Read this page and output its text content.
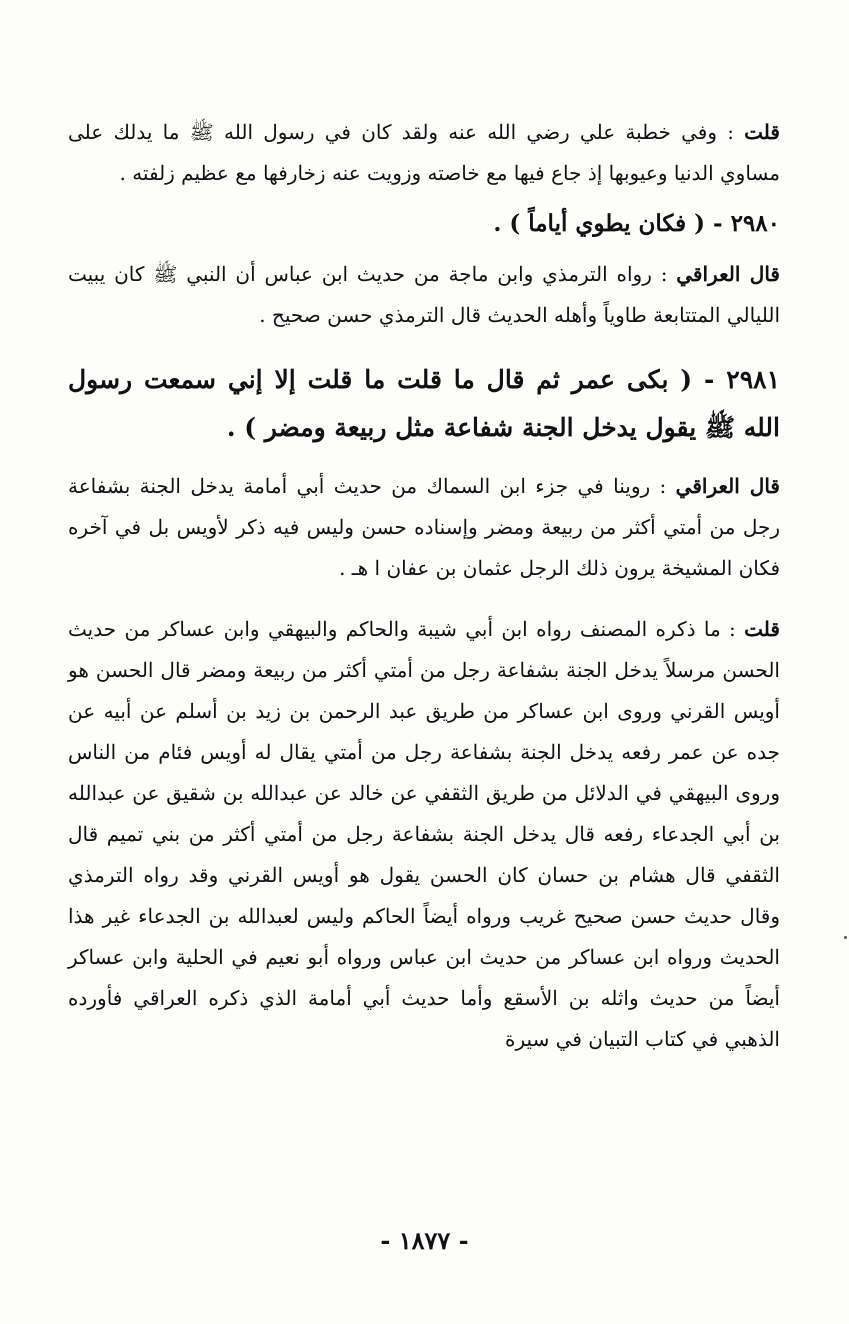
قلت : وفي خطبة علي رضي الله عنه ولقد كان في رسول الله ﷺ ما يدلك على مساوي الدنيا وعيوبها إذ جاع فيها مع خاصته وزويت عنه زخارفها مع عظيم زلفته .

٢٩٨٠ - ( فكان يطوي أياماً ) .

قال العراقي : رواه الترمذي وابن ماجة من حديث ابن عباس أن النبي ﷺ كان يبيت الليالي المتتابعة طاوياً وأهله الحديث قال الترمذي حسن صحيح .

٢٩٨١ - ( بكى عمر ثم قال ما قلت ما قلت إلا إني سمعت رسول الله ﷺ يقول يدخل الجنة شفاعة مثل ربيعة ومضر ) .

قال العراقي : روينا في جزء ابن السماك من حديث أبي أمامة يدخل الجنة بشفاعة رجل من أمتي أكثر من ربيعة ومضر وإسناده حسن وليس فيه ذكر لأويس بل في آخره فكان المشيخة يرون ذلك الرجل عثمان بن عفان ا هـ .

قلت : ما ذكره المصنف رواه ابن أبي شيبة والحاكم والبيهقي وابن عساكر من حديث الحسن مرسلاً يدخل الجنة بشفاعة رجل من أمتي أكثر من ربيعة ومضر قال الحسن هو أويس القرني وروى ابن عساكر من طريق عبد الرحمن بن زيد بن أسلم عن أبيه عن جده عن عمر رفعه يدخل الجنة بشفاعة رجل من أمتي يقال له أويس فئام من الناس وروى البيهقي في الدلائل من طريق الثقفي عن خالد عن عبدالله بن شقيق عن عبدالله بن أبي الجدعاء رفعه قال يدخل الجنة بشفاعة رجل من أمتي أكثر من بني تميم قال الثقفي قال هشام بن حسان كان الحسن يقول هو أويس القرني وقد رواه الترمذي وقال حديث حسن صحيح غريب ورواه أيضاً الحاكم وليس لعبدالله بن الجدعاء غير هذا الحديث ورواه ابن عساكر من حديث ابن عباس ورواه أبو نعيم في الحلية وابن عساكر أيضاً من حديث واثله بن الأسقع وأما حديث أبي أمامة الذي ذكره العراقي فأورده الذهبي في كتاب التبيان في سيرة

- ١٨٧٧ -
